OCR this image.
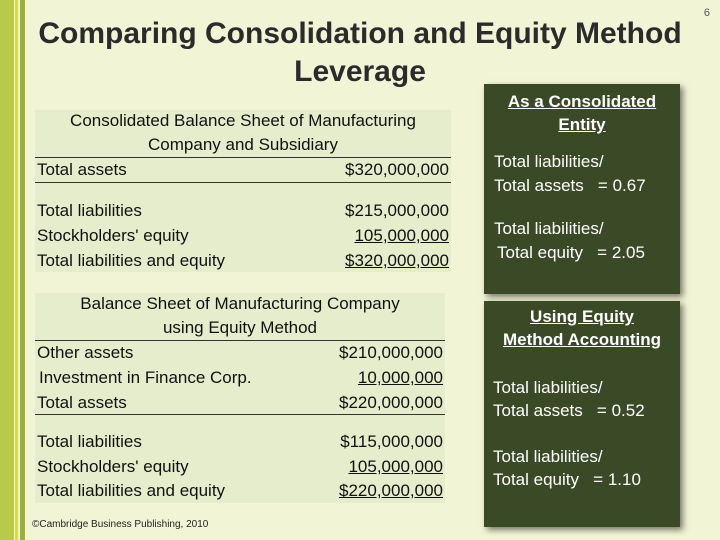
6
Comparing Consolidation and Equity Method Leverage
Consolidated Balance Sheet of Manufacturing
Company and Subsidiary
Total assets	$320,000,000
Total liabilities	$215,000,000
Stockholders' equity	105,000,000
Total liabilities and equity	$320,000,000
Balance Sheet of Manufacturing Company
using Equity Method
Other assets	$210,000,000
Investment in Finance Corp.	10,000,000
Total assets	$220,000,000
Total liabilities	$115,000,000
Stockholders' equity	105,000,000
Total liabilities and equity	$220,000,000
As a Consolidated
Entity
Total liabilities/
Total assets   = 0.67
Total liabilities/
Total equity   = 2.05
Using Equity
Method Accounting
Total liabilities/
Total assets   = 0.52
Total liabilities/
Total equity   = 1.10
©Cambridge Business Publishing, 2010
